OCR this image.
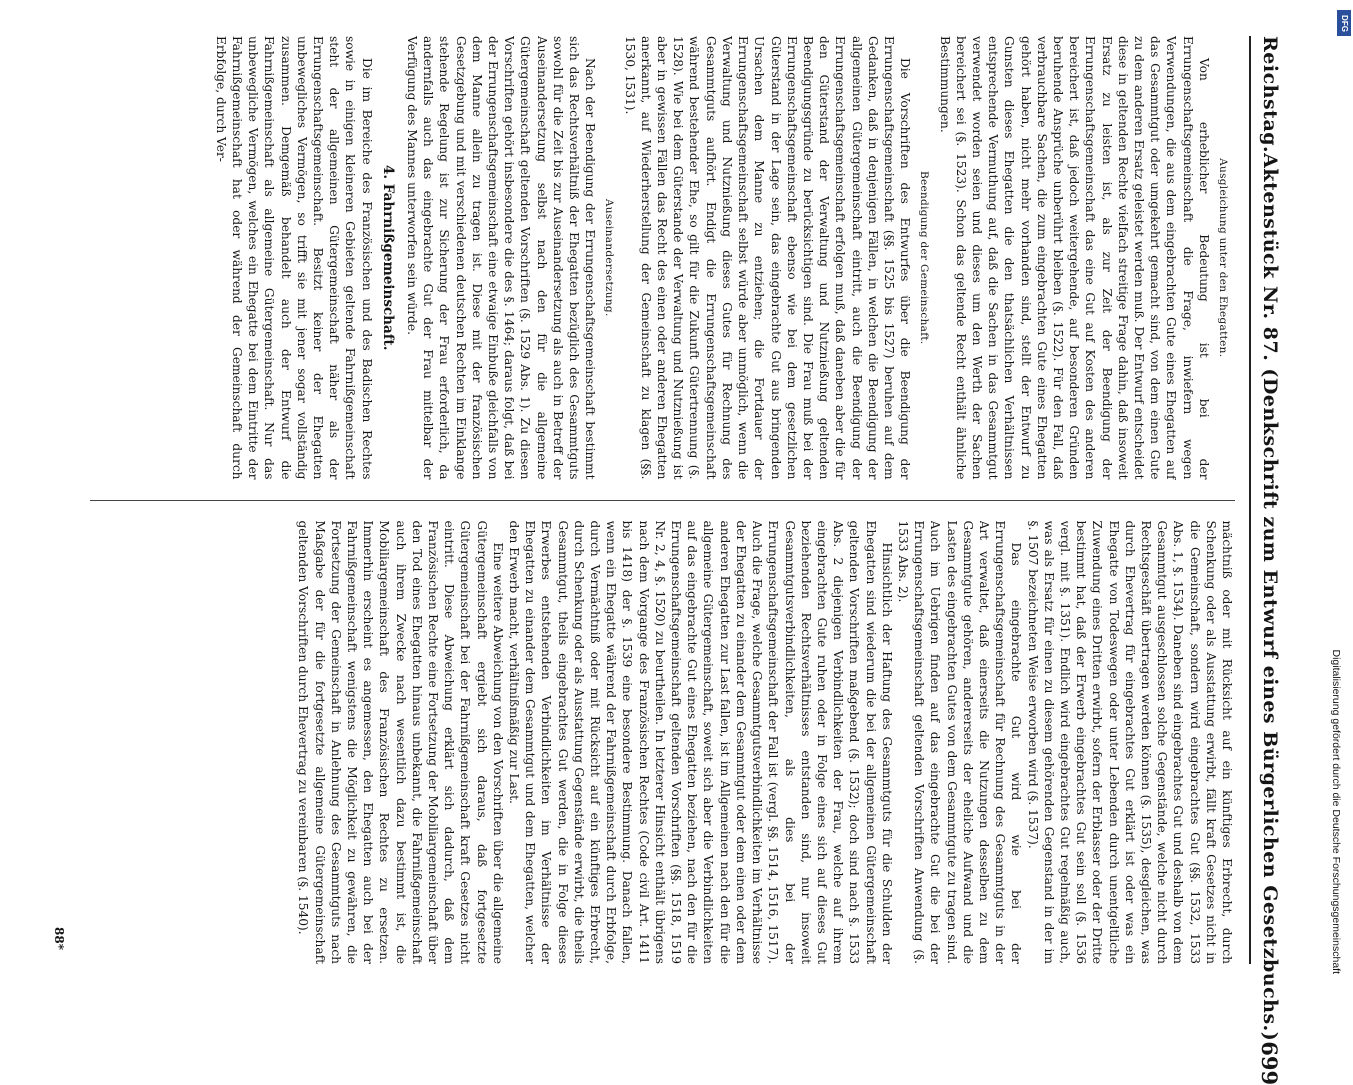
Reichstag.
Aktenstück Nr. 87. (Denkschrift zum Entwurf eines Bürgerlichen Gesetzbuchs.)
699
Ausgleichung unter den Ehegatten.

Von erheblicher Bedeutung ist bei der Errungenschaftsgemeinschaft die Frage, inwiefern wegen Verwendungen, die aus dem eingebrachten Gute eines Ehegatten auf das Gesammtgut oder umgekehrt gemacht sind, von dem einen Gute zu dem anderen Ersatz geleistet werden muß. Der Entwurf entscheidet diese in geltenden Rechte vielfach streitige Frage dahin, daß insoweit Ersatz zu leisten ist, als zur Zeit der Beendigung der Errungenschaftsgemeinschaft das eine Gut auf Kosten des anderen bereichert ist, daß jedoch weitergehende, auf besonderen Gründen beruhende Ansprüche unberührt bleiben (§. 1522). Für den Fall, daß verbrauchbare Sachen, die zum eingebrachten Gute eines Ehegatten gehört haben, nicht mehr vorhanden sind, stellt der Entwurf zu Gunsten dieses Ehegatten die den thatsächlichen Verhältnissen entsprechende Vermuthung auf, daß die Sachen in das Gesammtgut verwendet worden seien und dieses um den Werth der Sachen bereichert sei (§. 1523). Schon das geltende Recht enthält ähnliche Bestimmungen.

Beendigung der Gemeinschaft.

Die Vorschriften des Entwurfes über die Beendigung der Errungenschaftsgemeinschaft (§§. 1525 bis 1527) beruhen auf dem Gedanken, daß in denjenigen Fällen, in welchen die Beendigung der allgemeinen Gütergemeinschaft eintritt, auch die Beendigung der Errungenschaftsgemeinschaft erfolgen muß, daß daneben aber die für den Güterstand der Verwaltung und Nutznießung geltenden Beendigungsgründe zu berücksichtigen sind. Die Frau muß bei der Errungenschaftsgemeinschaft ebenso wie bei dem gesetzlichen Güterstand in der Lage sein, das eingebrachte Gut aus bringenden Ursachen dem Manne zu entziehen; die Fortdauer der Errungenschaftsgemeinschaft selbst würde aber unmöglich, wenn die Verwaltung und Nutznießung dieses Gutes für Rechnung des Gesammtguts aufhört. Endigt die Errungenschaftsgemeinschaft während bestehender Ehe, so gilt für die Zukunft Gütertrennung (§. 1528). Wie bei dem Güterstande der Verwaltung und Nutznießung ist aber in gewissen Fällen das Recht des einen oder anderen Ehegatten anerkannt, auf Wiederherstellung der Gemeinschaft zu klagen (§§. 1530, 1531).

Auseinandersetzung.

Nach der Beendigung der Errungenschaftsgemeinschaft bestimmt sich das Rechtsverhältniß der Ehegatten bezüglich des Gesammtguts sowohl für die Zeit bis zur Auseinandersetzung als auch in Betreff der Auseinandersetzung selbst nach den für die allgemeine Gütergemeinschaft geltenden Vorschriften (§. 1529 Abs. 1). Zu diesen Vorschriften gehört insbesondere die des §. 1464; daraus folgt, daß bei der Errungenschaftsgemeinschaft eine etwaige Einbuße gleichfalls von dem Manne allein zu tragen ist. Diese mit der französischen Gesetzgebung und mit verschiedenen deutschen Rechten im Einklange stehende Regelung ist zur Sicherung der Frau erforderlich, da andernfalls auch das eingebrachte Gut der Frau mittelbar der Verfügung des Mannes unterworfen sein würde.

4. Fahrnißgemeinschaft.

Die im Bereiche des Französischen und des Badischen Rechtes sowie in einigen kleineren Gebieten geltende Fahrnißgemeinschaft steht der allgemeinen Gütergemeinschaft näher als der Errungenschaftsgemeinschaft. Besitzt keiner der Ehegatten unbewegliches Vermögen, so trifft sie mit jener sogar vollständig zusammen. Demgemäß behandelt auch der Entwurf die Fahrnißgemeinschaft als allgemeine Gütergemeinschaft. Nur das unbewegliche Vermögen, welches ein Ehegatte bei dem Eintritte der Fahrnißgemeinschaft hat oder während der Gemeinschaft durch Erbfolge, durch Ver-

mächtniß oder mit Rücksicht auf ein künftiges Erbrecht, durch Schenkung oder als Ausstattung erwirbt, fällt kraft Gesetzes nicht in die Gemeinschaft, sondern wird eingebrachtes Gut (§§. 1532, 1533 Abs. 1, §. 1534). Daneben sind eingebrachtes Gut und deshalb von dem Gesammtgut ausgeschlossen solche Gegenstände, welche nicht durch Rechtsgeschäft übertragen werden können (§. 1535), desgleichen, was durch Ehevertrag für eingebrachtes Gut erklärt ist oder was ein Ehegatte von Todeswegen oder unter Lebenden durch unentgeltliche Zuwendung eines Dritten erwirbt, sofern der Erblasser oder der Dritte bestimmt hat, daß der Erwerb eingebrachtes Gut sein soll (§. 1536 vergl. mit §. 1351). Endlich wird eingebrachtes Gut regelmäßig auch, was als Ersatz für einen zu diesem gehörenden Gegenstand in der im §. 1507 bezeichneten Weise erworben wird (§. 1537).

Das eingebrachte Gut wird wie bei der Errungenschaftsgemeinschaft für Rechnung des Gesammtguts in der Art verwaltet, daß einerseits die Nutzungen desselben zu dem Gesammtgute gehören, andererseits der eheliche Aufwand und die Lasten des eingebrachten Gutes von dem Gesammtgute zu tragen sind. Auch im Uebrigen finden auf das eingebrachte Gut die bei der Errungenschaftsgemeinschaft geltenden Vorschriften Anwendung (§. 1533 Abs. 2).

Hinsichtlich der Haftung des Gesammtguts für die Schulden der Ehegatten sind wiederum die bei der allgemeinen Gütergemeinschaft geltenden Vorschriften maßgebend (§. 1532); doch sind nach §. 1533 Abs. 2 diejenigen Verbindlichkeiten der Frau, welche auf ihrem eingebrachten Gute ruhen oder in Folge eines sich auf dieses Gut beziehenden Rechtsverhältnisses entstanden sind, nur insoweit Gesammtgutsverbindlichkeiten, als dies bei der Errungenschaftsgemeinschaft der Fall ist (vergl. §§. 1514, 1516, 1517). Auch die Frage, welche Gesammtgutsverbindlichkeiten im Verhältnisse der Ehegatten zu einander dem Gesammtgut oder dem einen oder dem anderen Ehegatten zur Last fallen, ist im Allgemeinen nach den für die allgemeine Gütergemeinschaft, soweit sich aber die Verbindlichkeiten auf das eingebrachte Gut eines Ehegatten beziehen, nach den für die Errungenschaftsgemeinschaft geltenden Vorschriften (§§. 1518, 1519 Nr. 2, 4, §. 1520) zu beurtheilen. In letzterer Hinsicht enthält übrigens nach dem Vorgange des Französischen Rechtes (Code civil Art. 1411 bis 1418) der §. 1539 eine besondere Bestimmung. Danach fallen, wenn ein Ehegatte während der Fahrnißgemeinschaft durch Erbfolge, durch Vermächtniß oder mit Rücksicht auf ein künftiges Erbrecht, durch Schenkung oder als Ausstattung Gegenstände erwirbt, die theils Gesammtgut, theils eingebrachtes Gut werden, die in Folge dieses Erwerbes entstehenden Verbindlichkeiten im Verhältnisse der Ehegatten zu einander dem Gesammtgut und dem Ehegatten, welcher den Erwerb macht, verhältnißmäßig zur Last.

Eine weitere Abweichung von den Vorschriften über die allgemeine Gütergemeinschaft ergiebt sich daraus, daß fortgesetzte Gütergemeinschaft bei der Fahrnißgemeinschaft kraft Gesetzes nicht eintritt. Diese Abweichung erklärt sich dadurch, daß dem Französischen Rechte eine Fortsetzung der Mobiliargemeinschaft über den Tod eines Ehegatten hinaus unbekannt, die Fahrnißgemeinschaft auch ihrem Zwecke nach wesentlich dazu bestimmt ist, die Mobiliargemeinschaft des Französischen Rechtes zu ersetzen. Immerhin erscheint es angemessen, den Ehegatten auch bei der Fahrnißgemeinschaft wenigstens die Möglichkeit zu gewähren, die Fortsetzung der Gemeinschaft in Anlehnung des Gesammtguts nach Maßgabe der für die fortgesetzte allgemeine Gütergemeinschaft geltenden Vorschriften durch Ehevertrag zu vereinbaren (§. 1540).

88*
DFG
Digitalisierung gefördert durch die Deutsche Forschungsgemeinschaft
